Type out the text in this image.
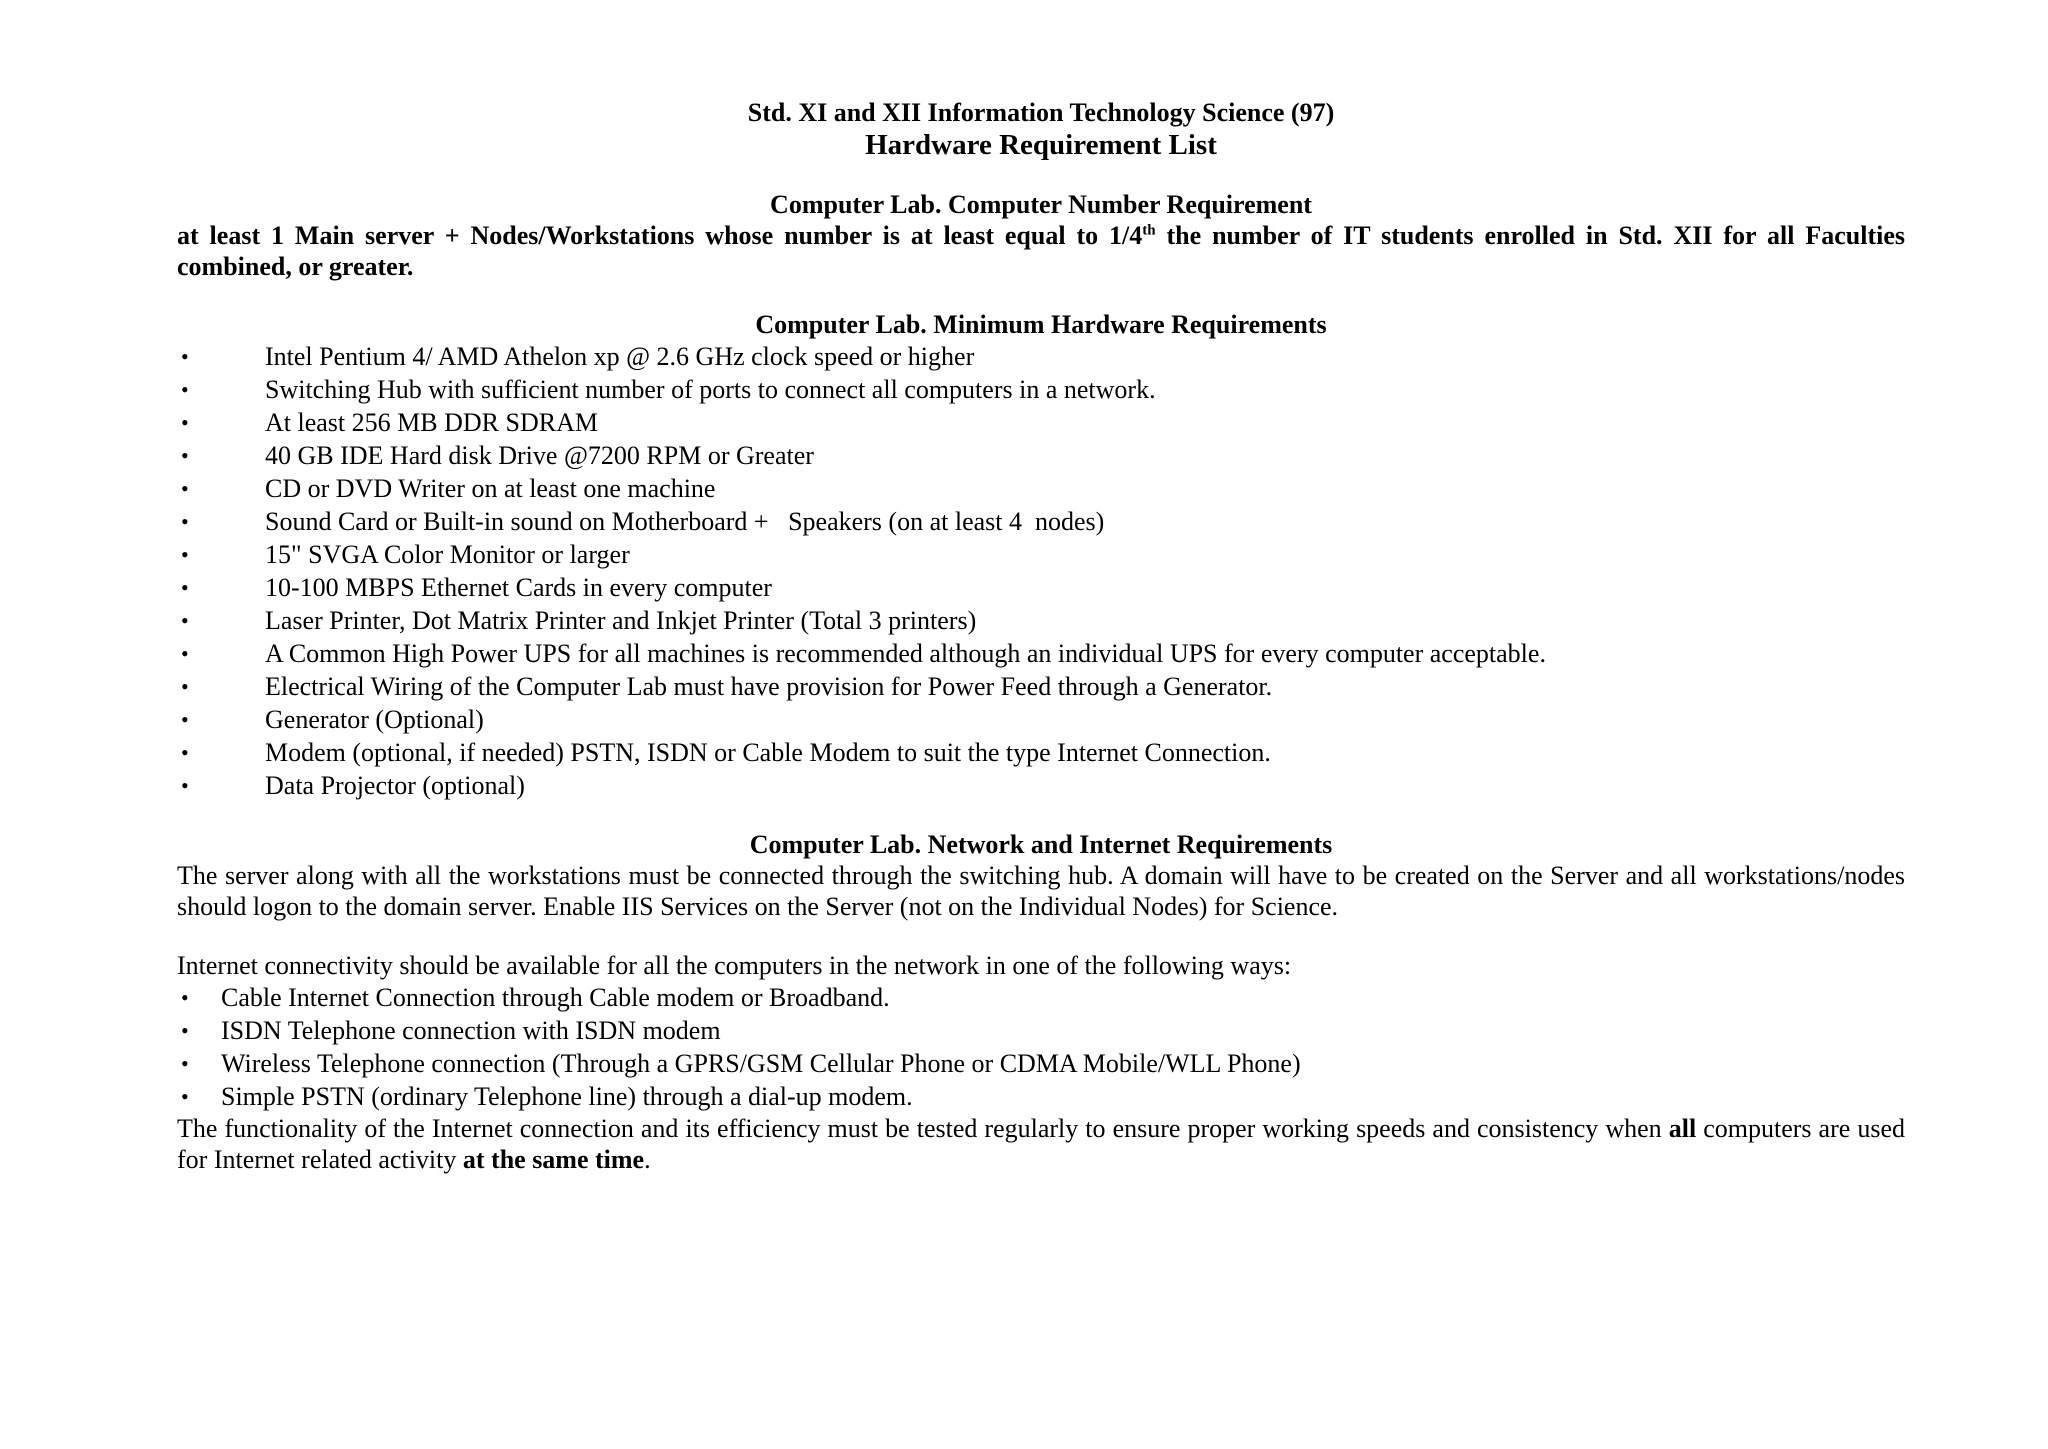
Std. XI and XII Information Technology Science (97)
Hardware Requirement List
Computer Lab. Computer Number Requirement
at least 1 Main server + Nodes/Workstations whose number is at least equal to 1/4th the number of IT students enrolled in Std. XII for all Faculties combined, or greater.
Computer Lab. Minimum Hardware Requirements
•	Intel Pentium 4/ AMD Athelon xp @ 2.6 GHz clock speed or higher
•	Switching Hub with sufficient number of ports to connect all computers in a network.
•	At least 256 MB DDR SDRAM
•	40 GB IDE Hard disk Drive @7200 RPM or Greater
•	CD or DVD Writer on at least one machine
•	Sound Card or Built-in sound on Motherboard +   Speakers (on at least 4  nodes)
•	15" SVGA Color Monitor or larger
•	10-100 MBPS Ethernet Cards in every computer
•	Laser Printer, Dot Matrix Printer and Inkjet Printer (Total 3 printers)
•	A Common High Power UPS for all machines is recommended although an individual UPS for every computer acceptable.
•	Electrical Wiring of the Computer Lab must have provision for Power Feed through a Generator.
•	Generator (Optional)
•	Modem (optional, if needed) PSTN, ISDN or Cable Modem to suit the type Internet Connection.
•	Data Projector (optional)
Computer Lab. Network and Internet Requirements
The server along with all the workstations must be connected through the switching hub. A domain will have to be created on the Server and all workstations/nodes should logon to the domain server. Enable IIS Services on the Server (not on the Individual Nodes) for Science.
Internet connectivity should be available for all the computers in the network in one of the following ways:
• Cable Internet Connection through Cable modem or Broadband.
• ISDN Telephone connection with ISDN modem
• Wireless Telephone connection (Through a GPRS/GSM Cellular Phone or CDMA Mobile/WLL Phone)
• Simple PSTN (ordinary Telephone line) through a dial-up modem.
The functionality of the Internet connection and its efficiency must be tested regularly to ensure proper working speeds and consistency when all computers are used for Internet related activity at the same time.
